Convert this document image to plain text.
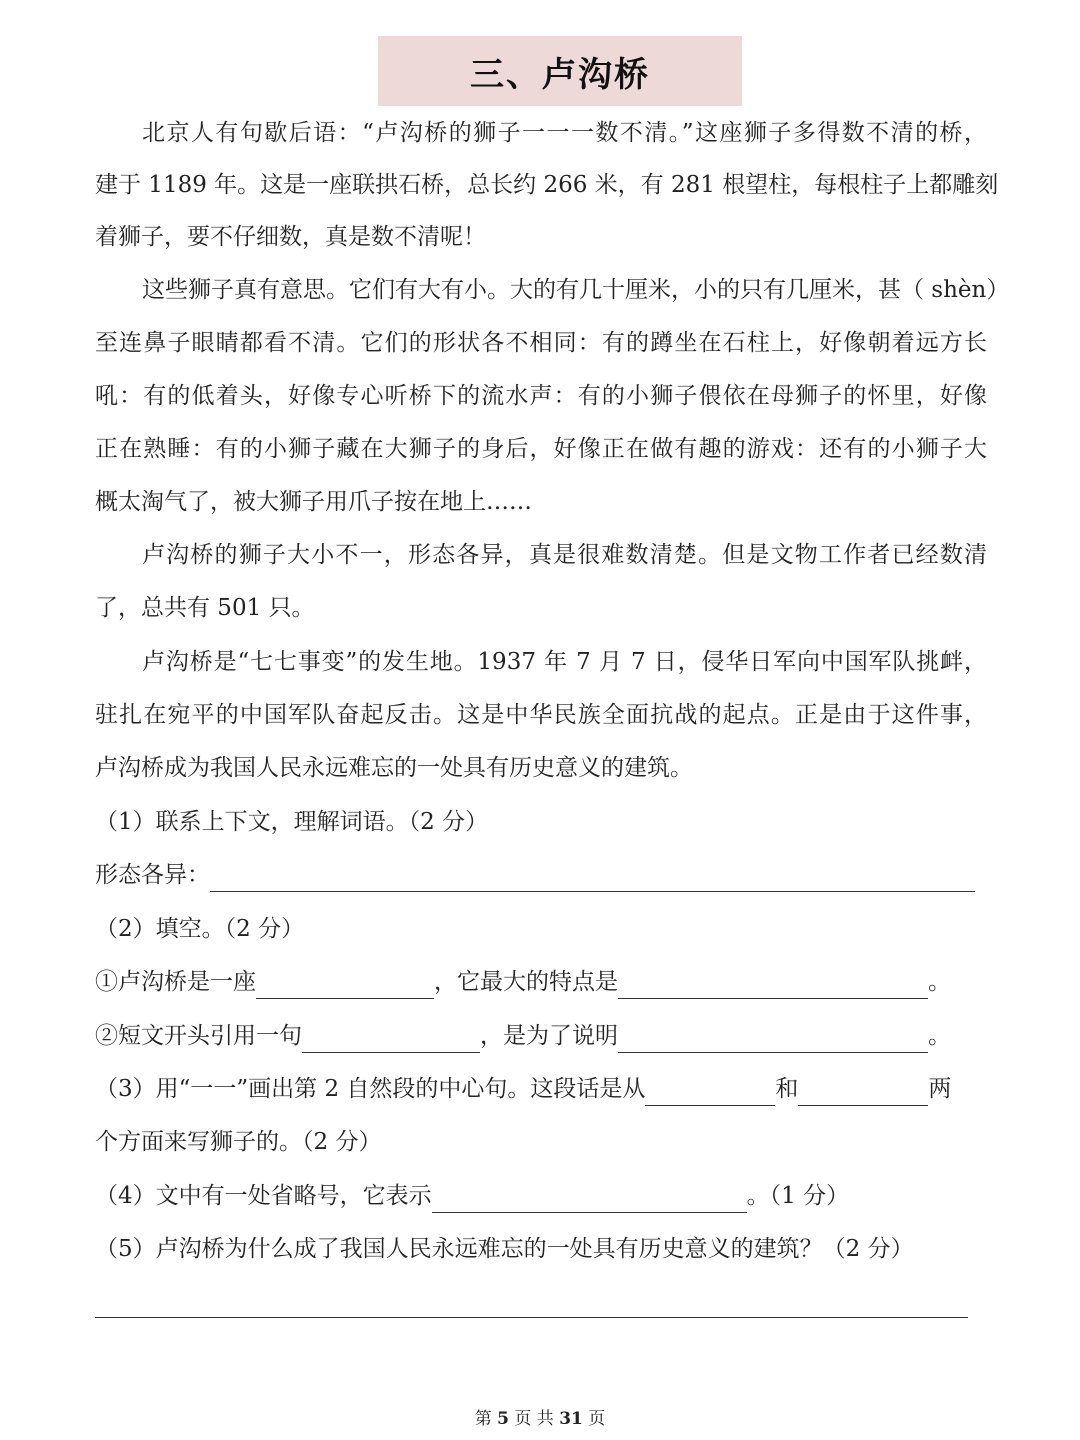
三、卢沟桥
北京人有句歇后语：“卢沟桥的狮子一一一数不清。”这座狮子多得数不清的桥，
建于 1189 年。这是一座联拱石桥，总长约 266 米，有 281 根望柱，每根柱子上都雕刻
着狮子，要不仔细数，真是数不清呢！
这些狮子真有意思。它们有大有小。大的有几十厘米，小的只有几厘米，甚（ shèn）
至连鼻子眼睛都看不清。它们的形状各不相同：有的蹲坐在石柱上，好像朝着远方长
吼：有的低着头，好像专心听桥下的流水声：有的小狮子偎依在母狮子的怀里，好像
正在熟睡：有的小狮子藏在大狮子的身后，好像正在做有趣的游戏：还有的小狮子大
概太淘气了，被大狮子用爪子按在地上……
卢沟桥的狮子大小不一，形态各异，真是很难数清楚。但是文物工作者已经数清
了，总共有 501 只。
卢沟桥是“七七事变”的发生地。1937 年 7 月 7 日，侵华日军向中国军队挑衅，
驻扎在宛平的中国军队奋起反击。这是中华民族全面抗战的起点。正是由于这件事，
卢沟桥成为我国人民永远难忘的一处具有历史意义的建筑。
（1）联系上下文，理解词语。（2 分）
形态各异：
（2）填空。（2 分）
①卢沟桥是一座	，它最大的特点是	。
②短文开头引用一句	，是为了说明	。
（3）用“一一”画出第 2 自然段的中心句。这段话是从	和	两
个方面来写狮子的。（2 分）
（4）文中有一处省略号，它表示	。（1 分）
（5）卢沟桥为什么成了我国人民永远难忘的一处具有历史意义的建筑？（2 分）
第 5 页 共 31 页
